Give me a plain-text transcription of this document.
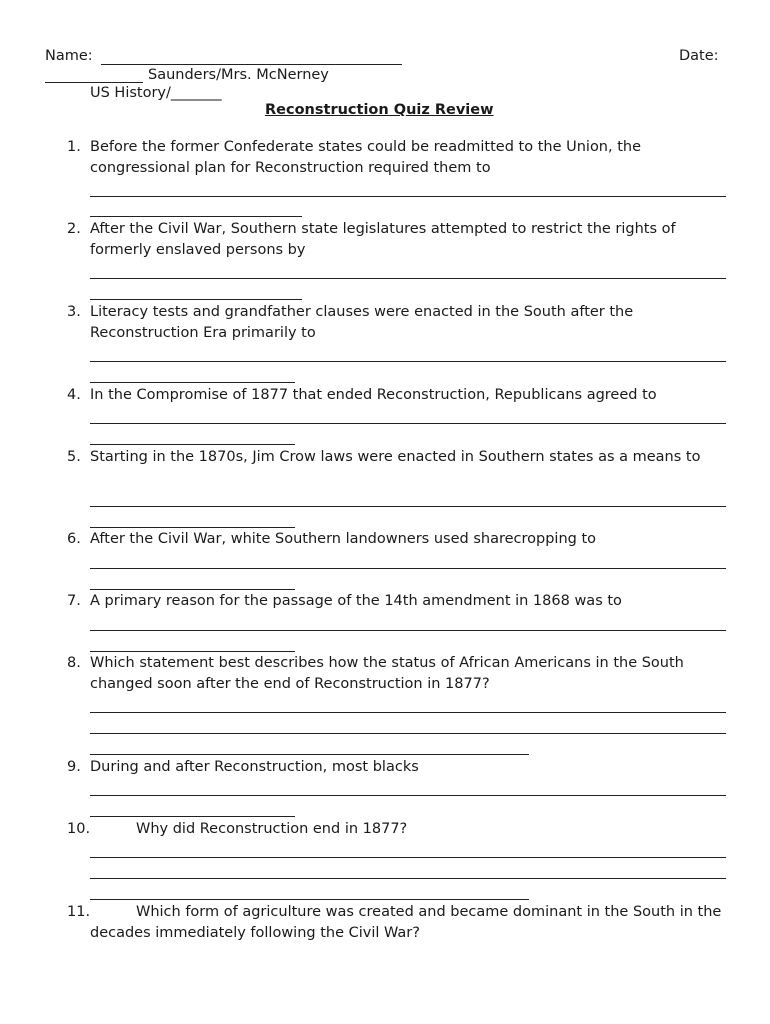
Name:	Date:
Saunders/Mrs. McNerney
US History/_______
Reconstruction Quiz Review
1. Before the former Confederate states could be readmitted to the Union, the congressional plan for Reconstruction required them to
2. After the Civil War, Southern state legislatures attempted to restrict the rights of formerly enslaved persons by
3. Literacy tests and grandfather clauses were enacted in the South after the Reconstruction Era primarily to
4. In the Compromise of 1877 that ended Reconstruction, Republicans agreed to
5. Starting in the 1870s, Jim Crow laws were enacted in Southern states as a means to
6. After the Civil War, white Southern landowners used sharecropping to
7. A primary reason for the passage of the 14th amendment in 1868 was to
8. Which statement best describes how the status of African Americans in the South changed soon after the end of Reconstruction in 1877?
9. During and after Reconstruction, most blacks
10.	Why did Reconstruction end in 1877?
11.	Which form of agriculture was created and became dominant in the South in the decades immediately following the Civil War?
